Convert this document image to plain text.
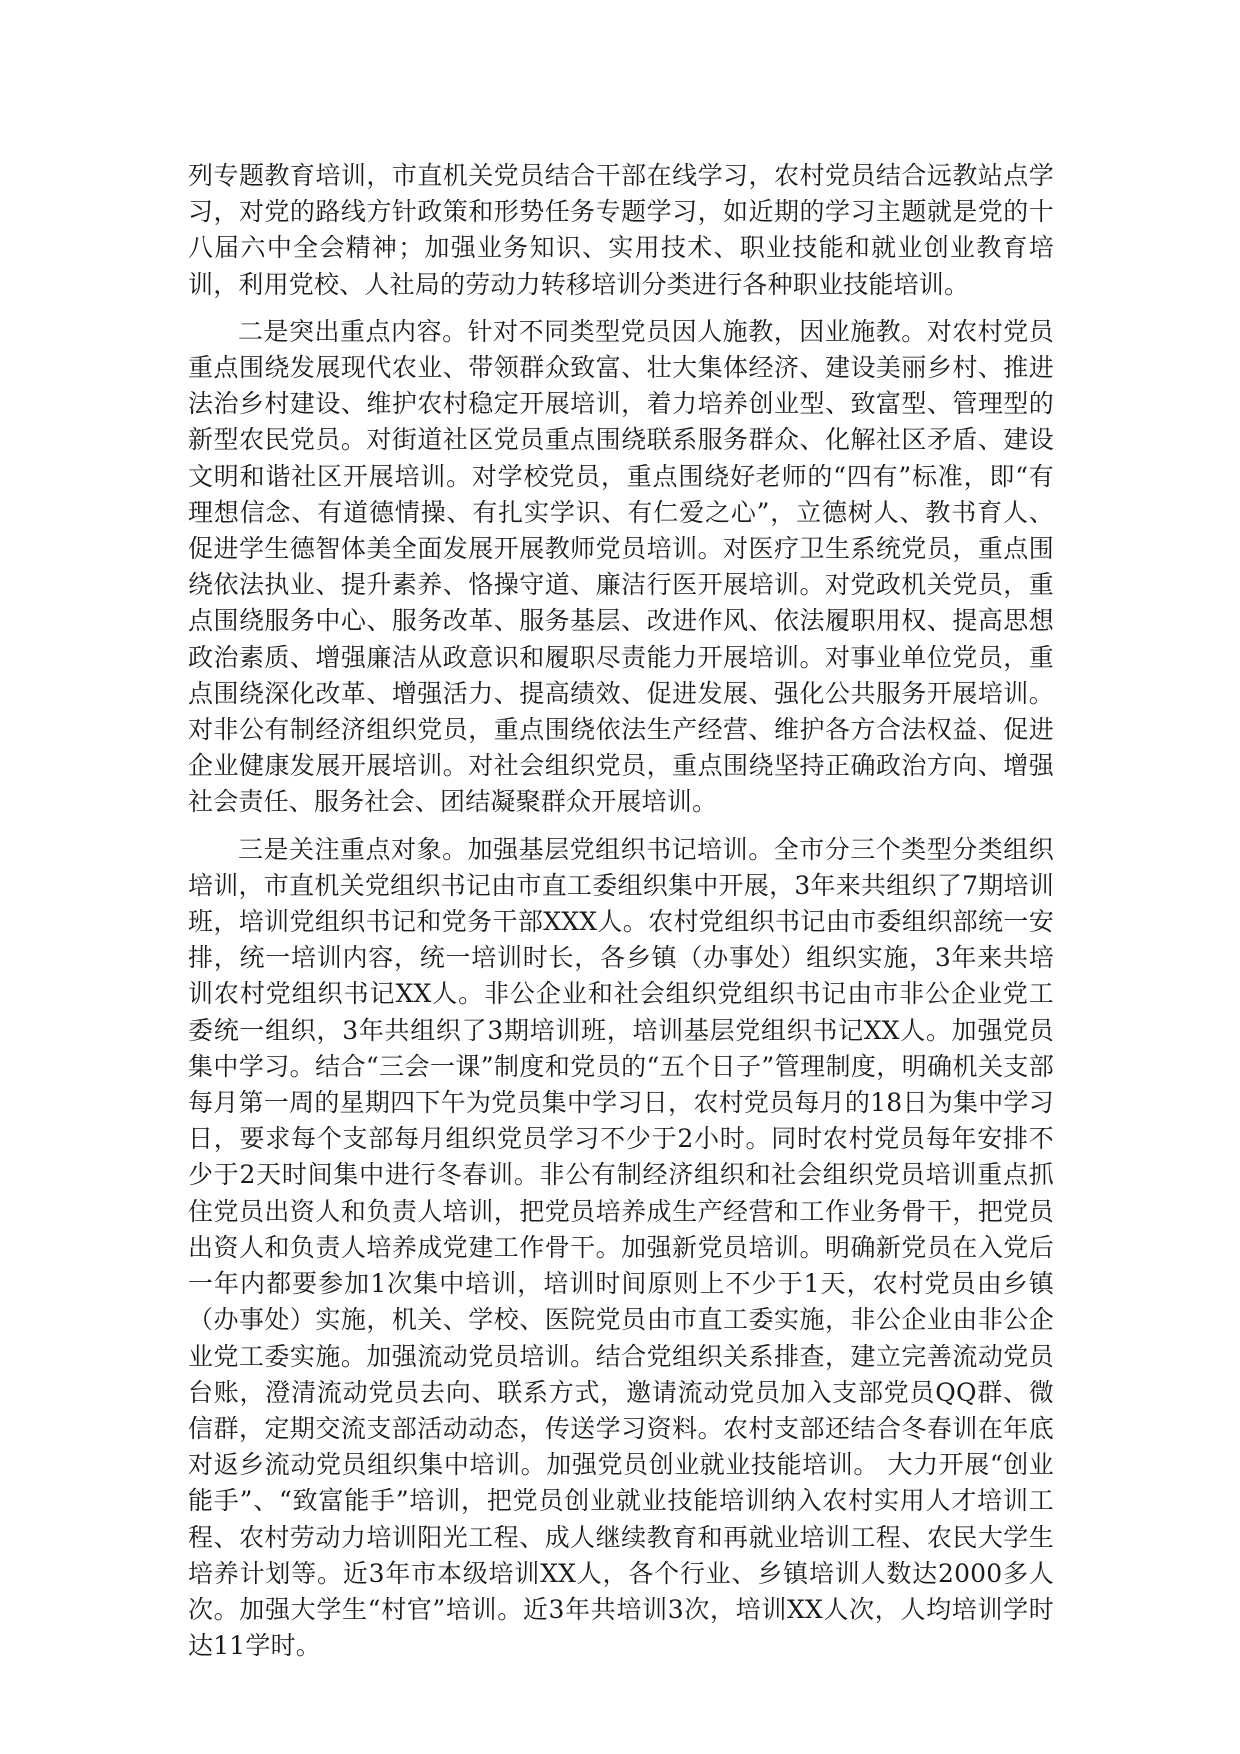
列专题教育培训，市直机关党员结合干部在线学习，农村党员结合远教站点学习，对党的路线方针政策和形势任务专题学习，如近期的学习主题就是党的十八届六中全会精神；加强业务知识、实用技术、职业技能和就业创业教育培训，利用党校、人社局的劳动力转移培训分类进行各种职业技能培训。

二是突出重点内容。针对不同类型党员因人施教，因业施教。对农村党员重点围绕发展现代农业、带领群众致富、壮大集体经济、建设美丽乡村、推进法治乡村建设、维护农村稳定开展培训，着力培养创业型、致富型、管理型的新型农民党员。对街道社区党员重点围绕联系服务群众、化解社区矛盾、建设文明和谐社区开展培训。对学校党员，重点围绕好老师的“四有”标准，即“有理想信念、有道德情操、有扎实学识、有仁爱之心”，立德树人、教书育人、促进学生德智体美全面发展开展教师党员培训。对医疗卫生系统党员，重点围绕依法执业、提升素养、恪操守道、廉洁行医开展培训。对党政机关党员，重点围绕服务中心、服务改革、服务基层、改进作风、依法履职用权、提高思想政治素质、增强廉洁从政意识和履职尽责能力开展培训。对事业单位党员，重点围绕深化改革、增强活力、提高绩效、促进发展、强化公共服务开展培训。对非公有制经济组织党员，重点围绕依法生产经营、维护各方合法权益、促进企业健康发展开展培训。对社会组织党员，重点围绕坚持正确政治方向、增强社会责任、服务社会、团结凝聚群众开展培训。

三是关注重点对象。加强基层党组织书记培训。全市分三个类型分类组织培训，市直机关党组织书记由市直工委组织集中开展，3年来共组织了7期培训班，培训党组织书记和党务干部XXX人。农村党组织书记由市委组织部统一安排，统一培训内容，统一培训时长，各乡镇（办事处）组织实施，3年来共培训农村党组织书记XX人。非公企业和社会组织党组织书记由市非公企业党工委统一组织，3年共组织了3期培训班，培训基层党组织书记XX人。加强党员集中学习。结合“三会一课”制度和党员的“五个日子”管理制度，明确机关支部每月第一周的星期四下午为党员集中学习日，农村党员每月的18日为集中学习日，要求每个支部每月组织党员学习不少于2小时。同时农村党员每年安排不少于2天时间集中进行冬春训。非公有制经济组织和社会组织党员培训重点抓住党员出资人和负责人培训，把党员培养成生产经营和工作业务骨干，把党员出资人和负责人培养成党建工作骨干。加强新党员培训。明确新党员在入党后一年内都要参加1次集中培训，培训时间原则上不少于1天，农村党员由乡镇（办事处）实施，机关、学校、医院党员由市直工委实施，非公企业由非公企业党工委实施。加强流动党员培训。结合党组织关系排查，建立完善流动党员台账，澄清流动党员去向、联系方式，邀请流动党员加入支部党员QQ群、微信群，定期交流支部活动动态，传送学习资料。农村支部还结合冬春训在年底对返乡流动党员组织集中培训。加强党员创业就业技能培训。 大力开展“创业能手”、“致富能手”培训，把党员创业就业技能培训纳入农村实用人才培训工程、农村劳动力培训阳光工程、成人继续教育和再就业培训工程、农民大学生培养计划等。近3年市本级培训XX人，各个行业、乡镇培训人数达2000多人次。加强大学生“村官”培训。近3年共培训3次，培训XX人次，人均培训学时达11学时。
